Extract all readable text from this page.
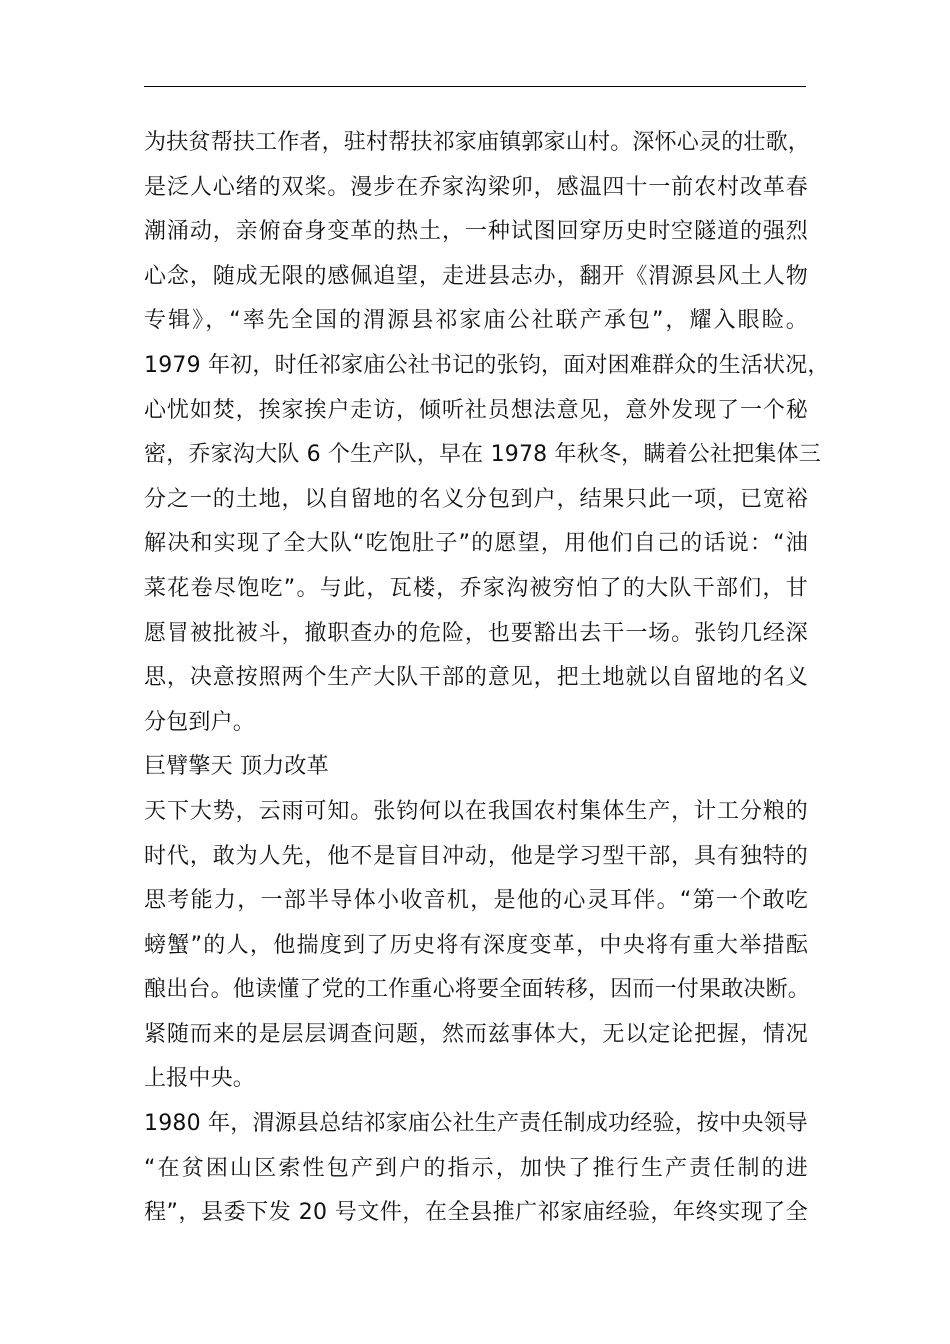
为扶贫帮扶工作者，驻村帮扶祁家庙镇郭家山村。深怀心灵的壮歌，
是泛人心绪的双桨。漫步在乔家沟梁卯，感温四十一前农村改革春
潮涌动，亲俯奋身变革的热土，一种试图回穿历史时空隧道的强烈
心念，随成无限的感佩追望，走进县志办，翻开《渭源县风土人物
专辑》，“率先全国的渭源县祁家庙公社联产承包”，耀入眼睑。
1979 年初，时任祁家庙公社书记的张钧，面对困难群众的生活状况，
心忧如焚，挨家挨户走访，倾听社员想法意见，意外发现了一个秘
密，乔家沟大队 6 个生产队，早在 1978 年秋冬，瞒着公社把集体三
分之一的土地，以自留地的名义分包到户，结果只此一项，已宽裕
解决和实现了全大队“吃饱肚子”的愿望，用他们自己的话说：“油
菜花卷尽饱吃”。与此，瓦楼，乔家沟被穷怕了的大队干部们，甘
愿冒被批被斗，撤职查办的危险，也要豁出去干一场。张钧几经深
思，决意按照两个生产大队干部的意见，把土地就以自留地的名义
分包到户。
巨臂擎天 顶力改革
天下大势，云雨可知。张钧何以在我国农村集体生产，计工分粮的
时代，敢为人先，他不是盲目冲动，他是学习型干部，具有独特的
思考能力，一部半导体小收音机，是他的心灵耳伴。“第一个敢吃
螃蟹”的人，他揣度到了历史将有深度变革，中央将有重大举措酝
酿出台。他读懂了党的工作重心将要全面转移，因而一付果敢决断。
紧随而来的是层层调查问题，然而兹事体大，无以定论把握，情况
上报中央。
1980 年，渭源县总结祁家庙公社生产责任制成功经验，按中央领导
“在贫困山区索性包产到户的指示，加快了推行生产责任制的进
程”，县委下发 20 号文件，在全县推广祁家庙经验，年终实现了全
